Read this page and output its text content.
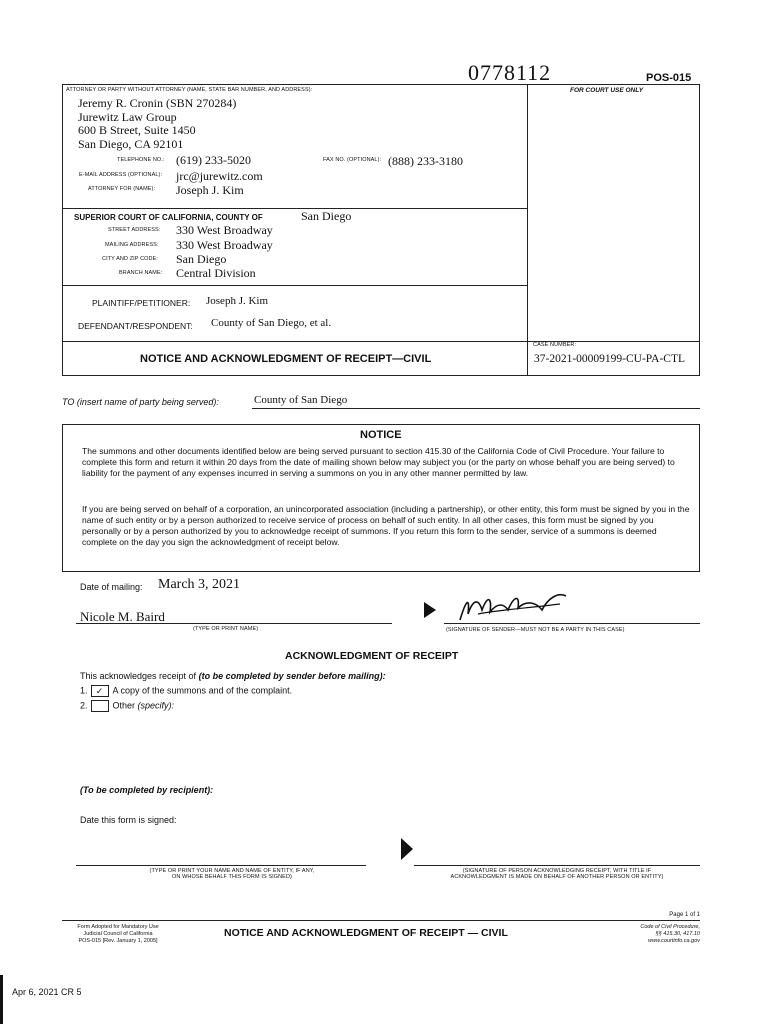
0778112	POS-015
ATTORNEY OR PARTY WITHOUT ATTORNEY (NAME, STATE BAR NUMBER, AND ADDRESS):
Jeremy R. Cronin (SBN 270284)
Jurewitz Law Group
600 B Street, Suite 1450
San Diego, CA 92101
TELEPHONE NO.: (619) 233-5020	FAX NO. (OPTIONAL): (888) 233-3180
E-MAIL ADDRESS (OPTIONAL): jrc@jurewitz.com
ATTORNEY FOR (NAME): Joseph J. Kim
FOR COURT USE ONLY
SUPERIOR COURT OF CALIFORNIA, COUNTY OF	San Diego
STREET ADDRESS: 330 West Broadway
MAILING ADDRESS: 330 West Broadway
CITY AND ZIP CODE: San Diego
BRANCH NAME: Central Division
PLAINTIFF/PETITIONER: Joseph J. Kim
DEFENDANT/RESPONDENT: County of San Diego, et al.
NOTICE AND ACKNOWLEDGMENT OF RECEIPT—CIVIL
CASE NUMBER:
37-2021-00009199-CU-PA-CTL
TO (insert name of party being served):	County of San Diego
NOTICE
The summons and other documents identified below are being served pursuant to section 415.30 of the California Code of Civil Procedure. Your failure to complete this form and return it within 20 days from the date of mailing shown below may subject you (or the party on whose behalf you are being served) to liability for the payment of any expenses incurred in serving a summons on you in any other manner permitted by law.
If you are being served on behalf of a corporation, an unincorporated association (including a partnership), or other entity, this form must be signed by you in the name of such entity or by a person authorized to receive service of process on behalf of such entity. In all other cases, this form must be signed by you personally or by a person authorized by you to acknowledge receipt of summons. If you return this form to the sender, service of a summons is deemed complete on the day you sign the acknowledgment of receipt below.
Date of mailing: March 3, 2021
Nicole M. Baird
(TYPE OR PRINT NAME)	(SIGNATURE OF SENDER—MUST NOT BE A PARTY IN THIS CASE)
ACKNOWLEDGMENT OF RECEIPT
This acknowledges receipt of (to be completed by sender before mailing):
1. ✓ A copy of the summons and of the complaint.
2.	Other (specify):
(To be completed by recipient):
Date this form is signed:
(TYPE OR PRINT YOUR NAME AND NAME OF ENTITY, IF ANY,
ON WHOSE BEHALF THIS FORM IS SIGNED)
(SIGNATURE OF PERSON ACKNOWLEDGING RECEIPT, WITH TITLE IF
ACKNOWLEDGMENT IS MADE ON BEHALF OF ANOTHER PERSON OR ENTITY)
Form Adopted for Mandatory Use
Judicial Council of California
POS-015 [Rev. January 1, 2005]
NOTICE AND ACKNOWLEDGMENT OF RECEIPT — CIVIL
Page 1 of 1
Code of Civil Procedure,
§§ 415.30, 417.10
www.courtinfo.ca.gov
Apr 6, 2021 CR 5
